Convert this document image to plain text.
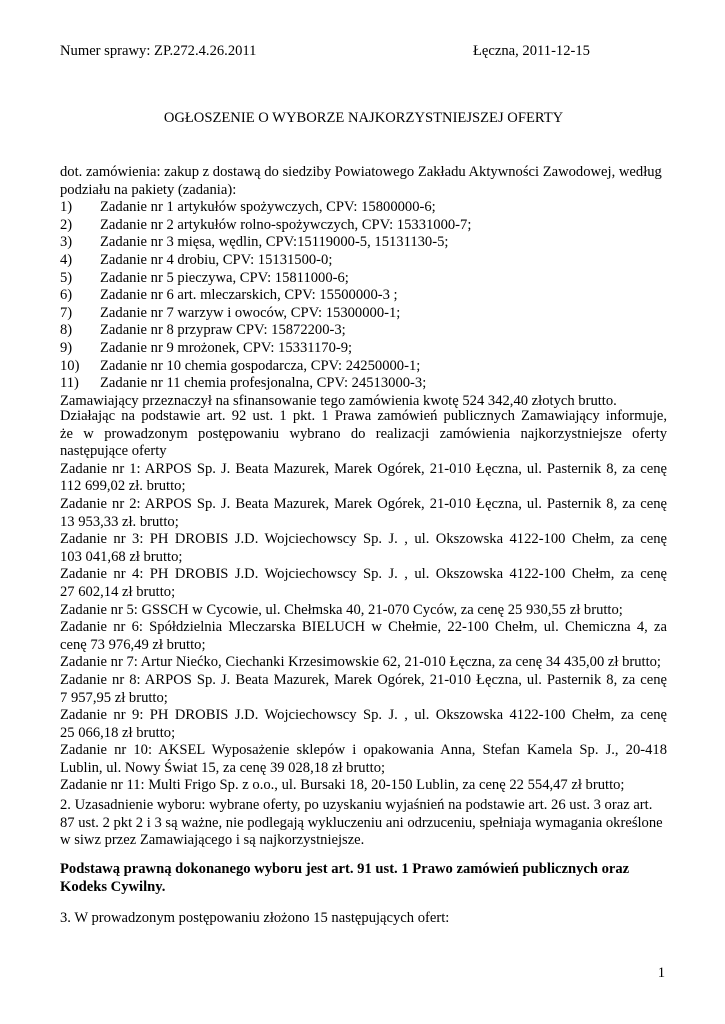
Numer sprawy: ZP.272.4.26.2011	Łęczna, 2011-12-15
OGŁOSZENIE O WYBORZE NAJKORZYSTNIEJSZEJ OFERTY
dot. zamówienia: zakup z dostawą do siedziby Powiatowego Zakładu Aktywności Zawodowej, według
podziału na pakiety (zadania):
1) Zadanie nr 1 artykułów spożywczych, CPV: 15800000-6;
2) Zadanie nr 2 artykułów rolno-spożywczych, CPV: 15331000-7;
3) Zadanie nr 3 mięsa, wędlin, CPV:15119000-5, 15131130-5;
4) Zadanie nr 4 drobiu, CPV: 15131500-0;
5) Zadanie nr 5 pieczywa, CPV: 15811000-6;
6) Zadanie nr 6 art. mleczarskich, CPV: 15500000-3 ;
7) Zadanie nr 7 warzyw i owoców, CPV: 15300000-1;
8) Zadanie nr 8 przypraw CPV: 15872200-3;
9) Zadanie nr 9 mrożonek, CPV: 15331170-9;
10) Zadanie nr 10 chemia gospodarcza, CPV: 24250000-1;
11) Zadanie nr 11 chemia profesjonalna, CPV: 24513000-3;
Zamawiający przeznaczył na sfinansowanie tego zamówienia kwotę 524 342,40 złotych brutto.
Działając na podstawie art. 92 ust. 1 pkt. 1 Prawa zamówień publicznych Zamawiający informuje,
że w prowadzonym postępowaniu wybrano do realizacji zamówienia najkorzystniejsze oferty
następujące oferty
Zadanie nr 1: ARPOS Sp. J. Beata Mazurek, Marek Ogórek, 21-010 Łęczna, ul. Pasternik 8, za cenę
112 699,02 zł. brutto;
Zadanie nr 2: ARPOS Sp. J. Beata Mazurek, Marek Ogórek, 21-010 Łęczna, ul. Pasternik 8, za cenę
13 953,33 zł. brutto;
Zadanie nr 3: PH DROBIS J.D. Wojciechowscy Sp. J. , ul. Okszowska 4122-100 Chełm, za cenę
103 041,68 zł brutto;
Zadanie nr 4: PH DROBIS J.D. Wojciechowscy Sp. J. , ul. Okszowska 4122-100 Chełm, za cenę
27 602,14 zł brutto;
Zadanie nr 5: GSSCH w Cycowie, ul. Chełmska 40, 21-070 Cyców, za cenę 25 930,55 zł brutto;
Zadanie nr 6: Spółdzielnia Mleczarska BIELUCH w Chełmie, 22-100 Chełm, ul. Chemiczna 4, za
cenę 73 976,49 zł brutto;
Zadanie nr 7: Artur Niećko, Ciechanki Krzesimowskie 62, 21-010 Łęczna, za cenę 34 435,00 zł brutto;
Zadanie nr 8: ARPOS Sp. J. Beata Mazurek, Marek Ogórek, 21-010 Łęczna, ul. Pasternik 8, za cenę
7 957,95 zł brutto;
Zadanie nr 9: PH DROBIS J.D. Wojciechowscy Sp. J. , ul. Okszowska 4122-100 Chełm, za cenę
25 066,18 zł brutto;
Zadanie nr 10: AKSEL Wyposażenie sklepów i opakowania Anna, Stefan Kamela Sp. J., 20-418
Lublin, ul. Nowy Świat 15, za cenę 39 028,18 zł brutto;
Zadanie nr 11: Multi Frigo Sp. z o.o., ul. Bursaki 18, 20-150 Lublin, za cenę 22 554,47 zł brutto;
2. Uzasadnienie wyboru: wybrane oferty, po uzyskaniu wyjaśnień na podstawie art. 26 ust. 3 oraz art.
87 ust. 2 pkt 2 i 3 są ważne, nie podlegają wykluczeniu ani odrzuceniu, spełniaja wymagania określone
w siwz przez Zamawiającego i są najkorzystniejsze.
Podstawą prawną dokonanego wyboru jest art. 91 ust. 1 Prawo zamówień publicznych oraz
Kodeks Cywilny.
3. W prowadzonym postępowaniu złożono 15 następujących ofert:
1
